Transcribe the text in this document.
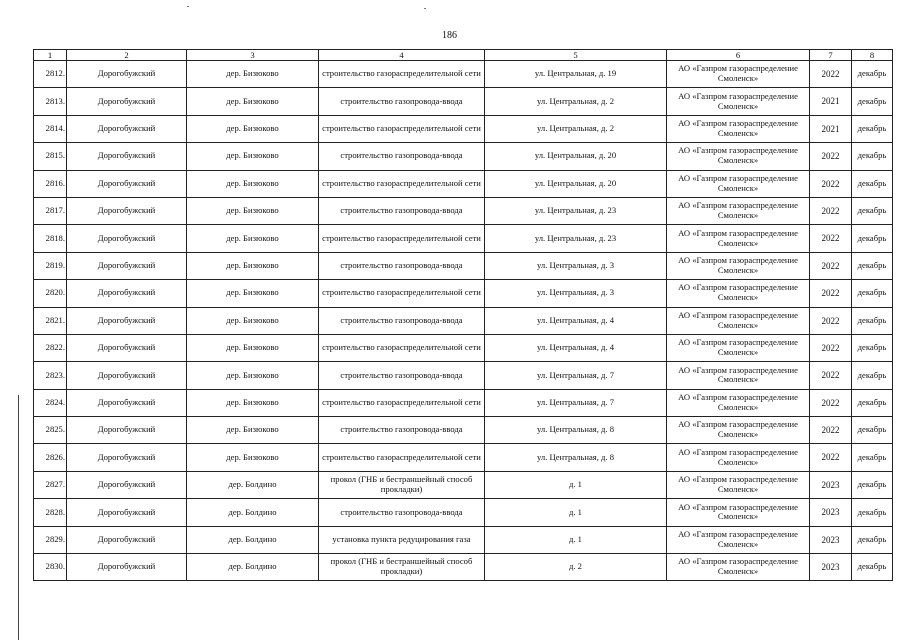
186
1	2	3	4	5	6	7	8
2812.	Дорогобужский	дер. Бизюково	строительство газораспределительной сети	ул. Центральная, д. 19	АО «Газпром газораспределение Смоленск»	2022	декабрь
2813.	Дорогобужский	дер. Бизюково	строительство газопровода-ввода	ул. Центральная, д. 2	АО «Газпром газораспределение Смоленск»	2021	декабрь
2814.	Дорогобужский	дер. Бизюково	строительство газораспределительной сети	ул. Центральная, д. 2	АО «Газпром газораспределение Смоленск»	2021	декабрь
2815.	Дорогобужский	дер. Бизюково	строительство газопровода-ввода	ул. Центральная, д. 20	АО «Газпром газораспределение Смоленск»	2022	декабрь
2816.	Дорогобужский	дер. Бизюково	строительство газораспределительной сети	ул. Центральная, д. 20	АО «Газпром газораспределение Смоленск»	2022	декабрь
2817.	Дорогобужский	дер. Бизюково	строительство газопровода-ввода	ул. Центральная, д. 23	АО «Газпром газораспределение Смоленск»	2022	декабрь
2818.	Дорогобужский	дер. Бизюково	строительство газораспределительной сети	ул. Центральная, д. 23	АО «Газпром газораспределение Смоленск»	2022	декабрь
2819.	Дорогобужский	дер. Бизюково	строительство газопровода-ввода	ул. Центральная, д. 3	АО «Газпром газораспределение Смоленск»	2022	декабрь
2820.	Дорогобужский	дер. Бизюково	строительство газораспределительной сети	ул. Центральная, д. 3	АО «Газпром газораспределение Смоленск»	2022	декабрь
2821.	Дорогобужский	дер. Бизюково	строительство газопровода-ввода	ул. Центральная, д. 4	АО «Газпром газораспределение Смоленск»	2022	декабрь
2822.	Дорогобужский	дер. Бизюково	строительство газораспределительной сети	ул. Центральная, д. 4	АО «Газпром газораспределение Смоленск»	2022	декабрь
2823.	Дорогобужский	дер. Бизюково	строительство газопровода-ввода	ул. Центральная, д. 7	АО «Газпром газораспределение Смоленск»	2022	декабрь
2824.	Дорогобужский	дер. Бизюково	строительство газораспределительной сети	ул. Центральная, д. 7	АО «Газпром газораспределение Смоленск»	2022	декабрь
2825.	Дорогобужский	дер. Бизюково	строительство газопровода-ввода	ул. Центральная, д. 8	АО «Газпром газораспределение Смоленск»	2022	декабрь
2826.	Дорогобужский	дер. Бизюково	строительство газораспределительной сети	ул. Центральная, д. 8	АО «Газпром газораспределение Смоленск»	2022	декабрь
2827.	Дорогобужский	дер. Болдино	прокол (ГНБ и бестраншейный способ прокладки)	д. 1	АО «Газпром газораспределение Смоленск»	2023	декабрь
2828.	Дорогобужский	дер. Болдино	строительство газопровода-ввода	д. 1	АО «Газпром газораспределение Смоленск»	2023	декабрь
2829.	Дорогобужский	дер. Болдино	установка пункта редуцирования газа	д. 1	АО «Газпром газораспределение Смоленск»	2023	декабрь
2830.	Дорогобужский	дер. Болдино	прокол (ГНБ и бестраншейный способ прокладки)	д. 2	АО «Газпром газораспределение Смоленск»	2023	декабрь
